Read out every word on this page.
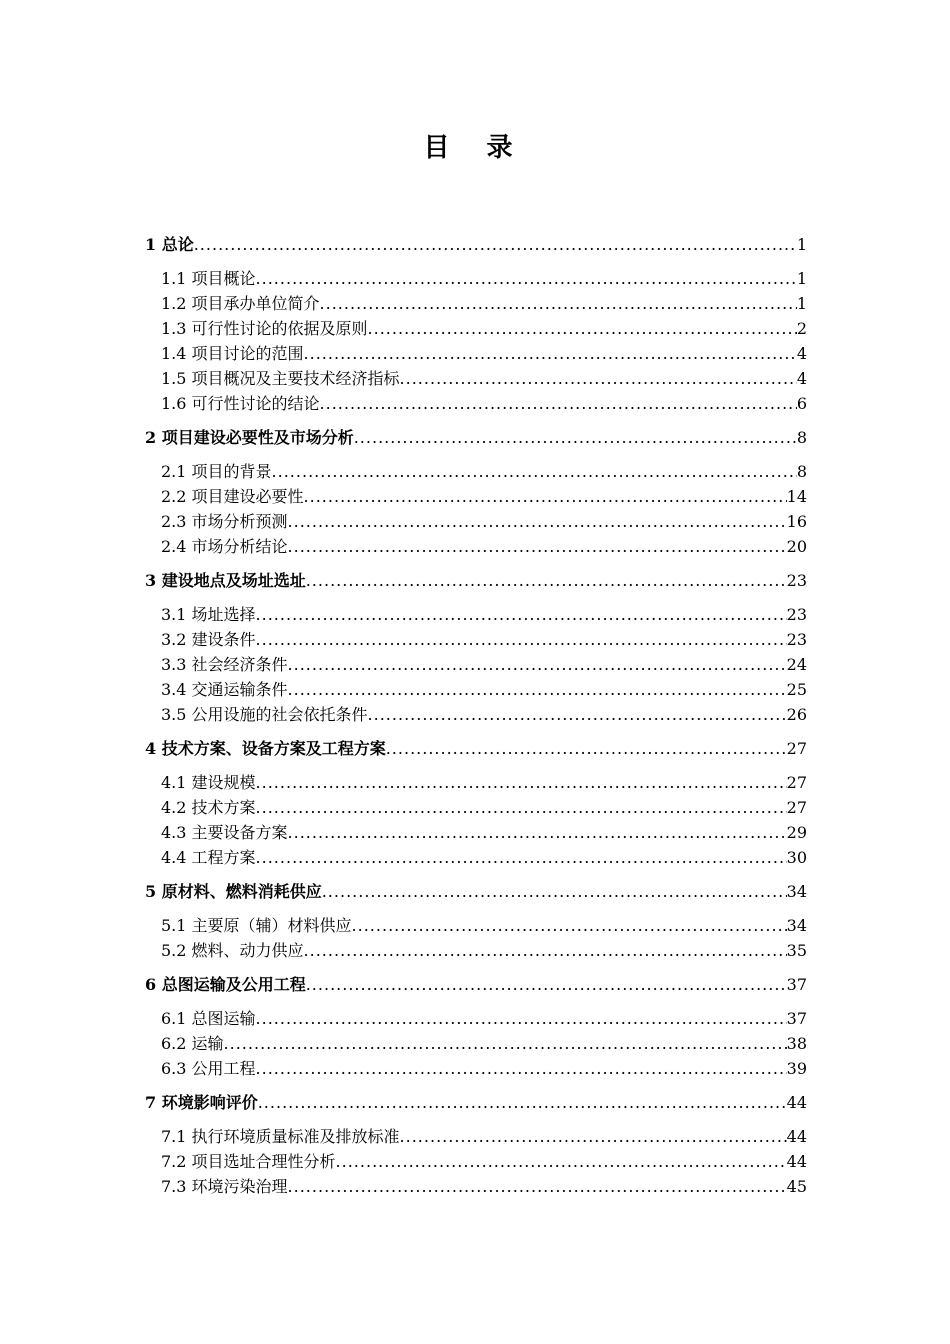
目 录
1 总论 .....	1
1.1 项目概论 .....	1
1.2 项目承办单位简介 .....	1
1.3 可行性讨论的依据及原则 .....	2
1.4 项目讨论的范围 .....	4
1.5 项目概况及主要技术经济指标 .....	4
1.6 可行性讨论的结论 .....	6
2 项目建设必要性及市场分析 .....	8
2.1 项目的背景 .....	8
2.2 项目建设必要性 .....	14
2.3 市场分析预测 .....	16
2.4 市场分析结论 .....	20
3 建设地点及场址选址 .....	23
3.1 场址选择 .....	23
3.2 建设条件 .....	23
3.3 社会经济条件 .....	24
3.4 交通运输条件 .....	25
3.5 公用设施的社会依托条件 .....	26
4 技术方案、设备方案及工程方案 .....	27
4.1 建设规模 .....	27
4.2 技术方案 .....	27
4.3 主要设备方案 .....	29
4.4 工程方案 .....	30
5 原材料、燃料消耗供应 .....	34
5.1 主要原（辅）材料供应 .....	34
5.2 燃料、动力供应 .....	35
6 总图运输及公用工程 .....	37
6.1 总图运输 .....	37
6.2 运输 .....	38
6.3 公用工程 .....	39
7 环境影响评价 .....	44
7.1 执行环境质量标准及排放标准 .....	44
7.2 项目选址合理性分析 .....	44
7.3 环境污染治理 .....	45
